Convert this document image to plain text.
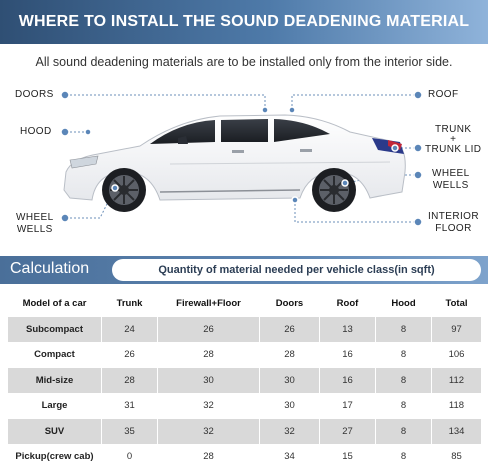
WHERE TO INSTALL THE SOUND DEADENING MATERIAL
All sound deadening materials are to be installed only from the interior side.
DOORS
HOOD
WHEEL
WELLS
ROOF
TRUNK
+
TRUNK LID
WHEEL
WELLS
INTERIOR
FLOOR
Calculation	Quantity of material needed per vehicle class(in sqft)
Model of a car	Trunk	Firewall+Floor	Doors	Roof	Hood	Total
Subcompact	24	26	26	13	8	97
Compact	26	28	28	16	8	106
Mid-size	28	30	30	16	8	112
Large	31	32	30	17	8	118
SUV	35	32	32	27	8	134
Pickup(crew cab)	0	28	34	15	8	85
